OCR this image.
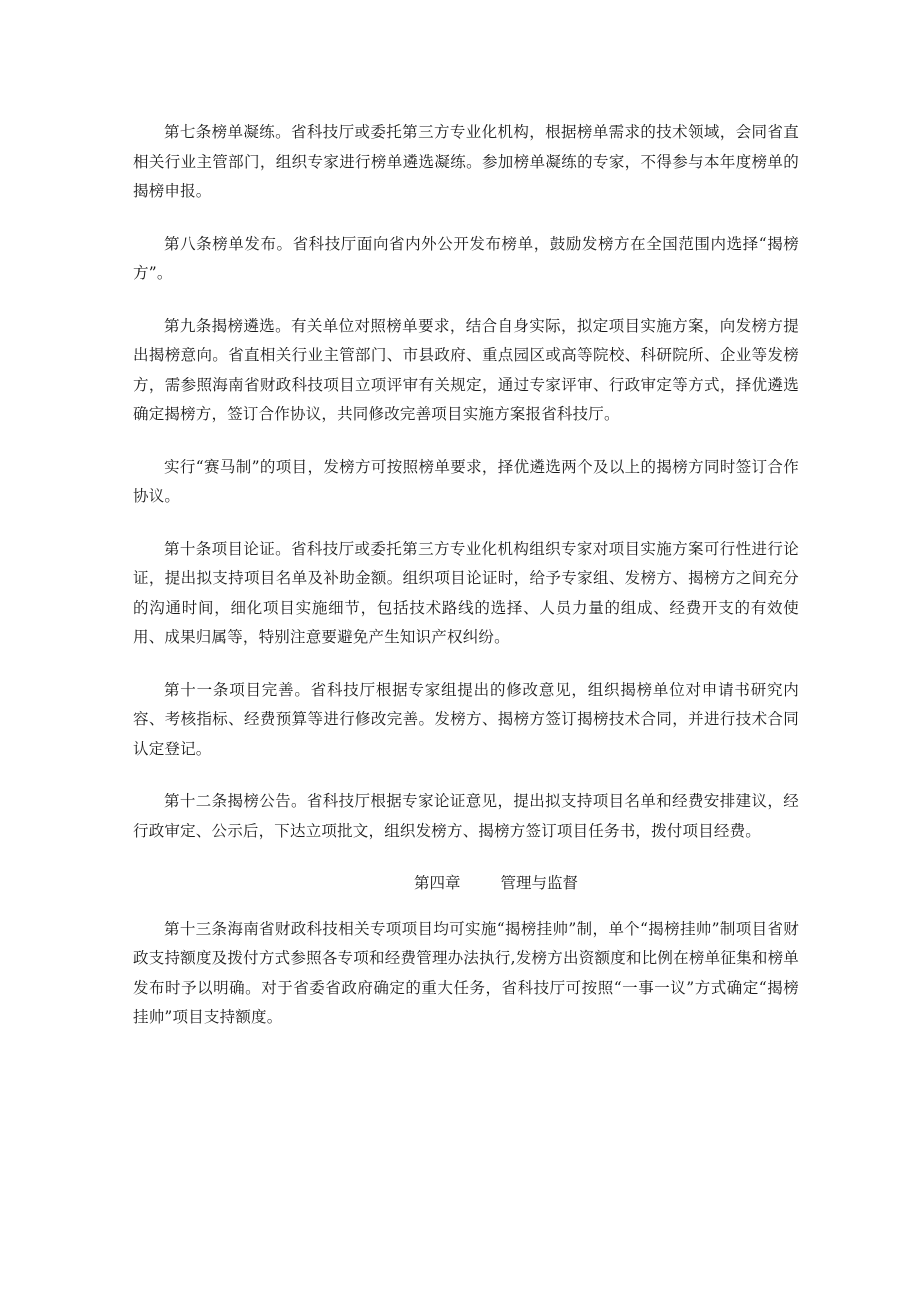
第七条榜单凝练。省科技厅或委托第三方专业化机构，根据榜单需求的技术领域，会同省直相关行业主管部门，组织专家进行榜单遴选凝练。参加榜单凝练的专家，不得参与本年度榜单的揭榜申报。

第八条榜单发布。省科技厅面向省内外公开发布榜单，鼓励发榜方在全国范围内选择“揭榜方”。

第九条揭榜遴选。有关单位对照榜单要求，结合自身实际，拟定项目实施方案，向发榜方提出揭榜意向。省直相关行业主管部门、市县政府、重点园区或高等院校、科研院所、企业等发榜方，需参照海南省财政科技项目立项评审有关规定，通过专家评审、行政审定等方式，择优遴选确定揭榜方，签订合作协议，共同修改完善项目实施方案报省科技厅。

实行“赛马制”的项目，发榜方可按照榜单要求，择优遴选两个及以上的揭榜方同时签订合作协议。

第十条项目论证。省科技厅或委托第三方专业化机构组织专家对项目实施方案可行性进行论证，提出拟支持项目名单及补助金额。组织项目论证时，给予专家组、发榜方、揭榜方之间充分的沟通时间，细化项目实施细节，包括技术路线的选择、人员力量的组成、经费开支的有效使用、成果归属等，特别注意要避免产生知识产权纠纷。

第十一条项目完善。省科技厅根据专家组提出的修改意见，组织揭榜单位对申请书研究内容、考核指标、经费预算等进行修改完善。发榜方、揭榜方签订揭榜技术合同，并进行技术合同认定登记。

第十二条揭榜公告。省科技厅根据专家论证意见，提出拟支持项目名单和经费安排建议，经行政审定、公示后，下达立项批文，组织发榜方、揭榜方签订项目任务书，拨付项目经费。

第四章	管理与监督

第十三条海南省财政科技相关专项项目均可实施“揭榜挂帅”制，单个“揭榜挂帅”制项目省财政支持额度及拨付方式参照各专项和经费管理办法执行,发榜方出资额度和比例在榜单征集和榜单发布时予以明确。对于省委省政府确定的重大任务，省科技厅可按照“一事一议”方式确定“揭榜挂帅”项目支持额度。
